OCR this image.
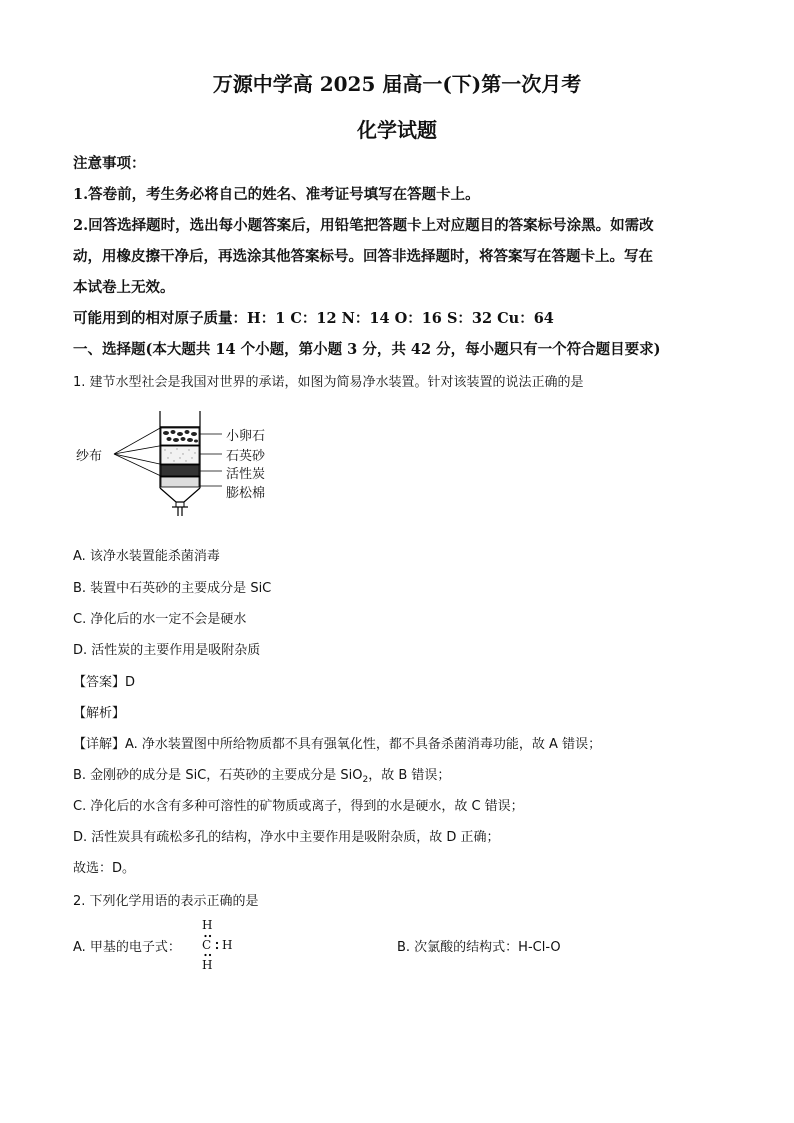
万源中学高 2025 届高一(下)第一次月考
化学试题
注意事项：
1.答卷前，考生务必将自己的姓名、准考证号填写在答题卡上。
2.回答选择题时，选出每小题答案后，用铅笔把答题卡上对应题目的答案标号涂黑。如需改
动，用橡皮擦干净后，再选涂其他答案标号。回答非选择题时，将答案写在答题卡上。写在
本试卷上无效。
可能用到的相对原子质量：H：1 C：12 N：14 O：16 S：32 Cu：64
一、选择题(本大题共 14 个小题，第小题 3 分，共 42 分，每小题只有一个符合题目要求)
1. 建节水型社会是我国对世界的承诺，如图为简易净水装置。针对该装置的说法正确的是
纱布
小卵石
石英砂
活性炭
膨松棉
A. 该净水装置能杀菌消毒
B. 装置中石英砂的主要成分是 SiC
C. 净化后的水一定不会是硬水
D. 活性炭的主要作用是吸附杂质
【答案】D
【解析】
【详解】A. 净水装置图中所给物质都不具有强氧化性，都不具备杀菌消毒功能，故 A 错误；
B. 金刚砂的成分是 SiC，石英砂的主要成分是 SiO$_2$，故 B 错误；
C. 净化后的水含有多种可溶性的矿物质或离子，得到的水是硬水，故 C 错误；
D. 活性炭具有疏松多孔的结构，净水中主要作用是吸附杂质，故 D 正确；
故选：D。
2. 下列化学用语的表示正确的是
A. 甲基的电子式：
H
C H
H
B. 次氯酸的结构式：H-Cl-O
